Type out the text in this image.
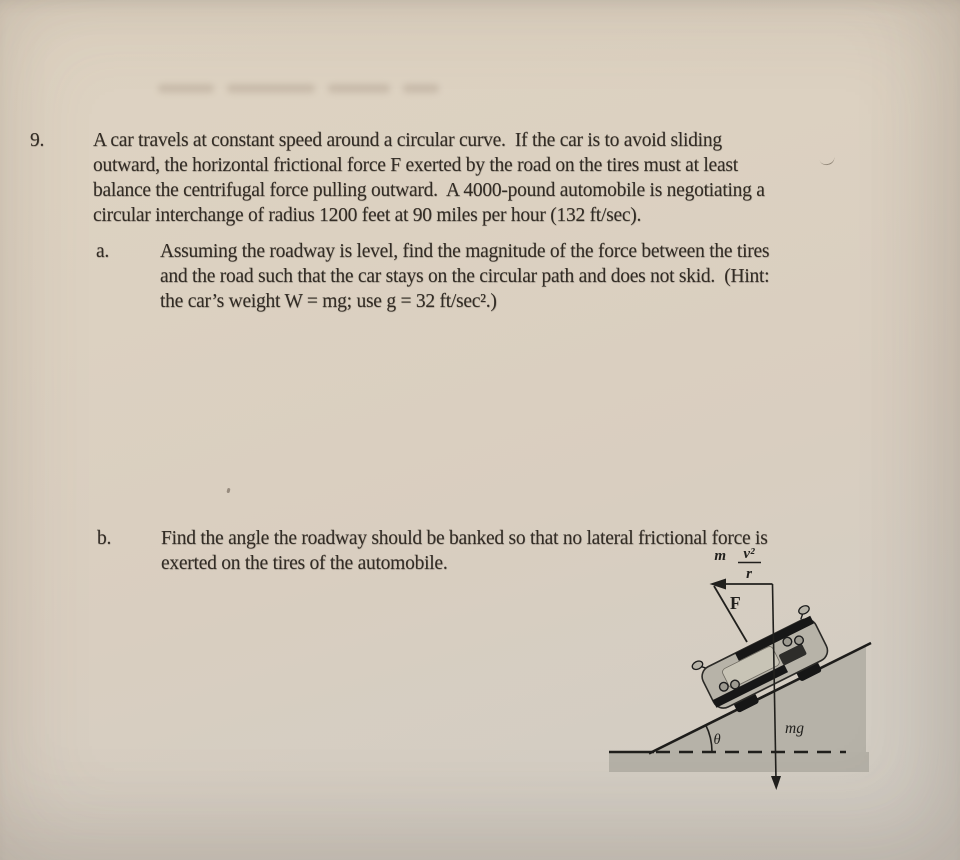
9.	A car travels at constant speed around a circular curve.  If the car is to avoid sliding
outward, the horizontal frictional force F exerted by the road on the tires must at least
balance the centrifugal force pulling outward.  A 4000-pound automobile is negotiating a
circular interchange of radius 1200 feet at 90 miles per hour (132 ft/sec).
a.	Assuming the roadway is level, find the magnitude of the force between the tires
and the road such that the car stays on the circular path and does not skid.  (Hint:
the car’s weight W = mg; use g = 32 ft/sec².)
b.	Find the angle the roadway should be banked so that no lateral frictional force is
exerted on the tires of the automobile.
θ
mg
m v²
r
F
